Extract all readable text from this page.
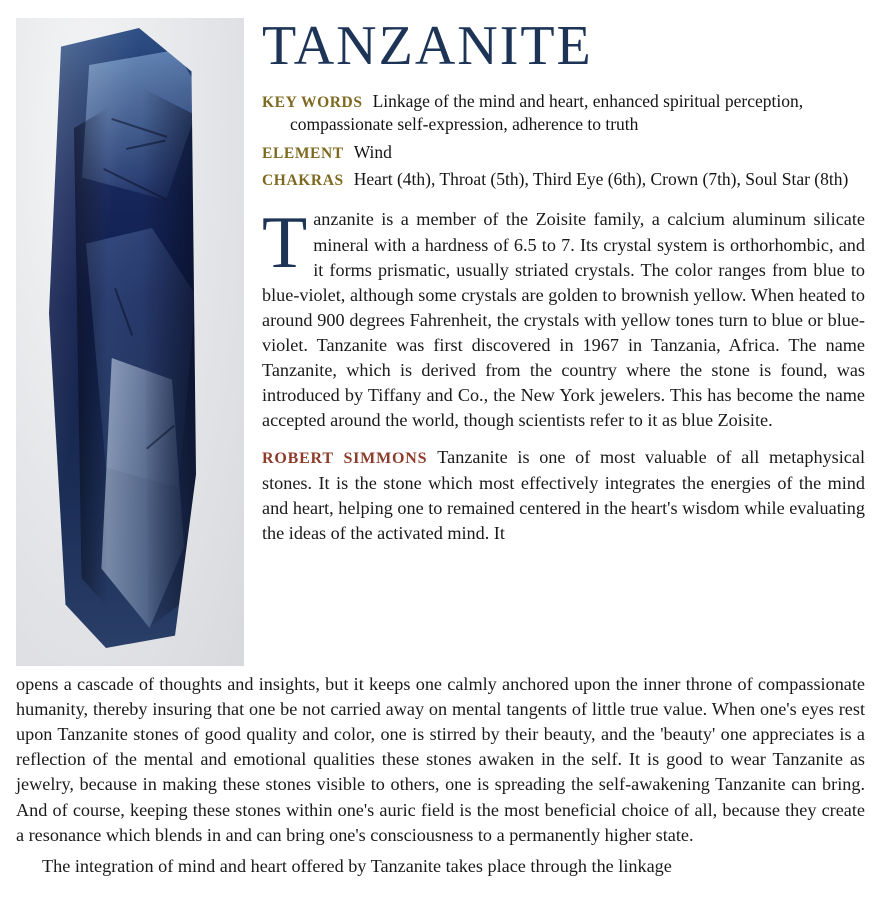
TANZANITE
KEY WORDS Linkage of the mind and heart, enhanced spiritual perception, compassionate self-expression, adherence to truth
ELEMENT Wind
CHAKRAS Heart (4th), Throat (5th), Third Eye (6th), Crown (7th), Soul Star (8th)

Tanzanite is a member of the Zoisite family, a calcium aluminum silicate mineral with a hardness of 6.5 to 7. Its crystal system is orthorhombic, and it forms prismatic, usually striated crystals. The color ranges from blue to blue-violet, although some crystals are golden to brownish yellow. When heated to around 900 degrees Fahrenheit, the crystals with yellow tones turn to blue or blue-violet. Tanzanite was first discovered in 1967 in Tanzania, Africa. The name Tanzanite, which is derived from the country where the stone is found, was introduced by Tiffany and Co., the New York jewelers. This has become the name accepted around the world, though scientists refer to it as blue Zoisite.

ROBERT SIMMONS Tanzanite is one of most valuable of all metaphysical stones. It is the stone which most effectively integrates the energies of the mind and heart, helping one to remained centered in the heart's wisdom while evaluating the ideas of the activated mind. It

opens a cascade of thoughts and insights, but it keeps one calmly anchored upon the inner throne of compassionate humanity, thereby insuring that one be not carried away on mental tangents of little true value. When one's eyes rest upon Tanzanite stones of good quality and color, one is stirred by their beauty, and the 'beauty' one appreciates is a reflection of the mental and emotional qualities these stones awaken in the self. It is good to wear Tanzanite as jewelry, because in making these stones visible to others, one is spreading the self-awakening Tanzanite can bring. And of course, keeping these stones within one's auric field is the most beneficial choice of all, because they create a resonance which blends in and can bring one's consciousness to a permanently higher state.

The integration of mind and heart offered by Tanzanite takes place through the linkage
